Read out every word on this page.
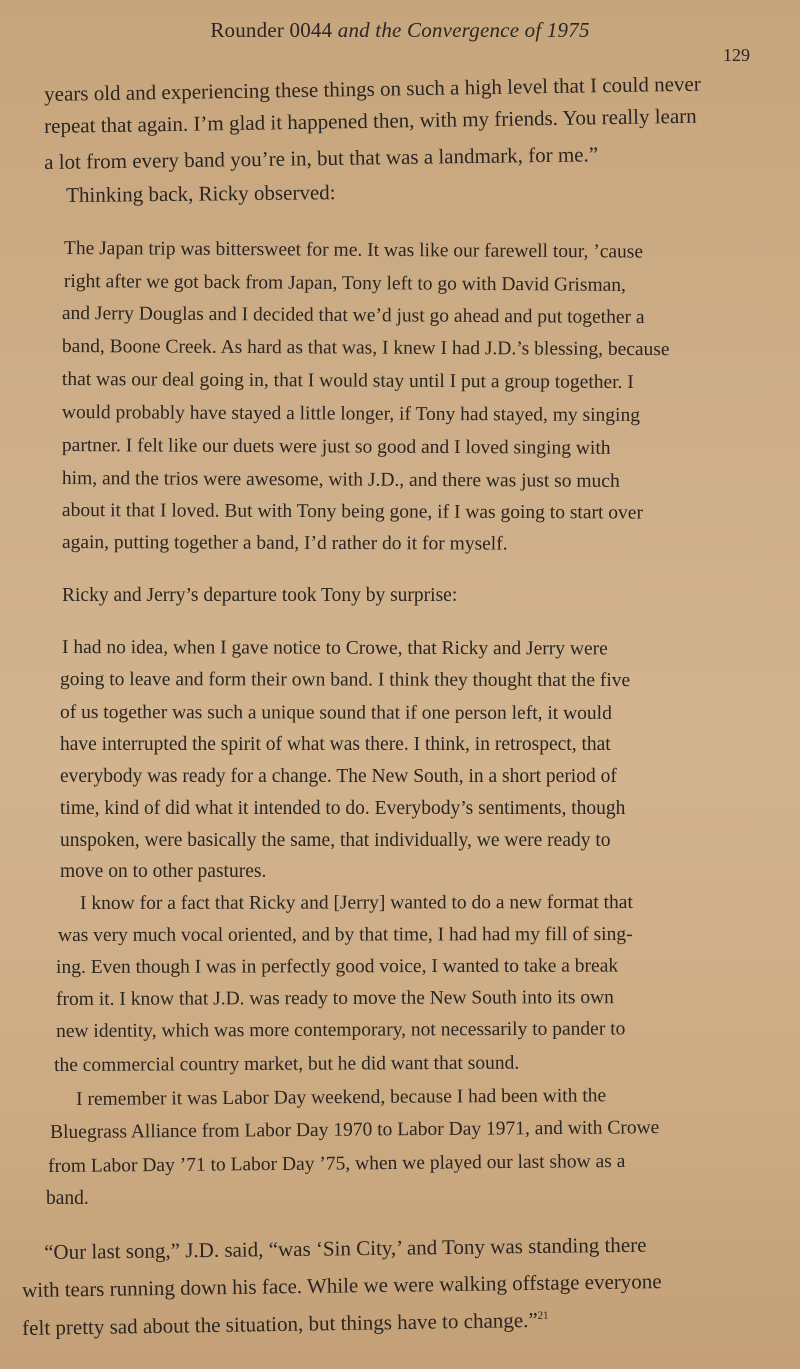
Rounder 0044 and the Convergence of 1975
129
years old and experiencing these things on such a high level that I could never
repeat that again. I’m glad it happened then, with my friends. You really learn
a lot from every band you’re in, but that was a landmark, for me.”
Thinking back, Ricky observed:
The Japan trip was bittersweet for me. It was like our farewell tour, ’cause
right after we got back from Japan, Tony left to go with David Grisman,
and Jerry Douglas and I decided that we’d just go ahead and put together a
band, Boone Creek. As hard as that was, I knew I had J.D.’s blessing, because
that was our deal going in, that I would stay until I put a group together. I
would probably have stayed a little longer, if Tony had stayed, my singing
partner. I felt like our duets were just so good and I loved singing with
him, and the trios were awesome, with J.D., and there was just so much
about it that I loved. But with Tony being gone, if I was going to start over
again, putting together a band, I’d rather do it for myself.
Ricky and Jerry’s departure took Tony by surprise:
I had no idea, when I gave notice to Crowe, that Ricky and Jerry were
going to leave and form their own band. I think they thought that the five
of us together was such a unique sound that if one person left, it would
have interrupted the spirit of what was there. I think, in retrospect, that
everybody was ready for a change. The New South, in a short period of
time, kind of did what it intended to do. Everybody’s sentiments, though
unspoken, were basically the same, that individually, we were ready to
move on to other pastures.
I know for a fact that Ricky and [Jerry] wanted to do a new format that
was very much vocal oriented, and by that time, I had had my fill of sing-
ing. Even though I was in perfectly good voice, I wanted to take a break
from it. I know that J.D. was ready to move the New South into its own
new identity, which was more contemporary, not necessarily to pander to
the commercial country market, but he did want that sound.
I remember it was Labor Day weekend, because I had been with the
Bluegrass Alliance from Labor Day 1970 to Labor Day 1971, and with Crowe
from Labor Day ’71 to Labor Day ’75, when we played our last show as a
band.
“Our last song,” J.D. said, “was ‘Sin City,’ and Tony was standing there
with tears running down his face. While we were walking offstage everyone
felt pretty sad about the situation, but things have to change.”$^{21}$
